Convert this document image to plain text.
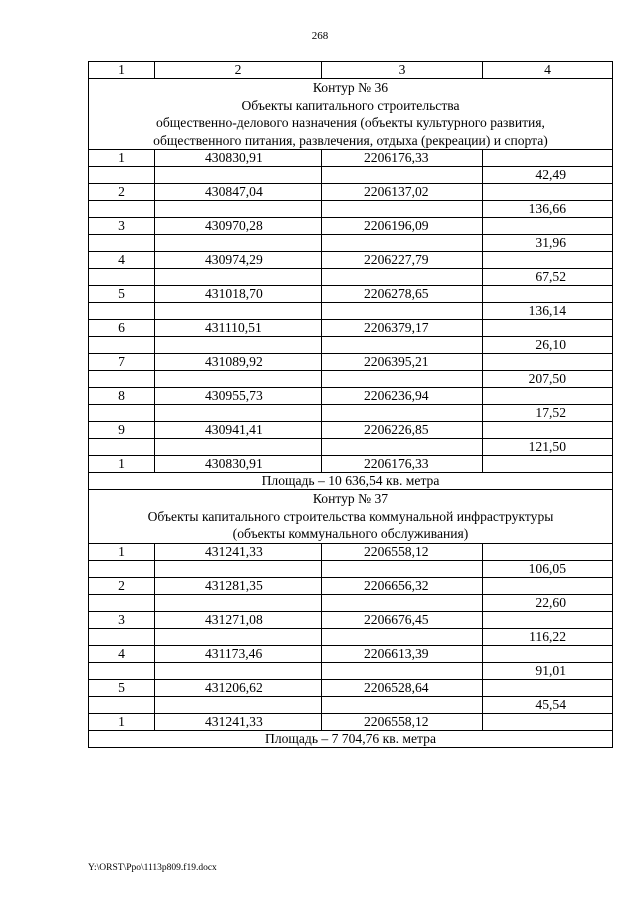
268
1	2	3	4

Контур № 36
Объекты капитального строительства
общественно-делового назначения (объекты культурного развития,
общественного питания, развлечения, отдыха (рекреации) и спорта)			

1	430830,91	2206176,33	
			42,49
2	430847,04	2206137,02	
			136,66
3	430970,28	2206196,09	
			31,96
4	430974,29	2206227,79	
			67,52
5	431018,70	2206278,65	
			136,14
6	431110,51	2206379,17	
			26,10
7	431089,92	2206395,21	
			207,50
8	430955,73	2206236,94	
			17,52
9	430941,41	2206226,85	
			121,50
1	430830,91	2206176,33	
Площадь – 10 636,54 кв. метра			

Контур № 37
Объекты капитального строительства коммунальной инфраструктуры
(объекты коммунального обслуживания)			

1	431241,33	2206558,12	
			106,05
2	431281,35	2206656,32	
			22,60
3	431271,08	2206676,45	
			116,22
4	431173,46	2206613,39	
			91,01
5	431206,62	2206528,64	
			45,54
1	431241,33	2206558,12	
Площадь – 7 704,76 кв. метра			
Y:\ORST\Ppo\1113p809.f19.docx
